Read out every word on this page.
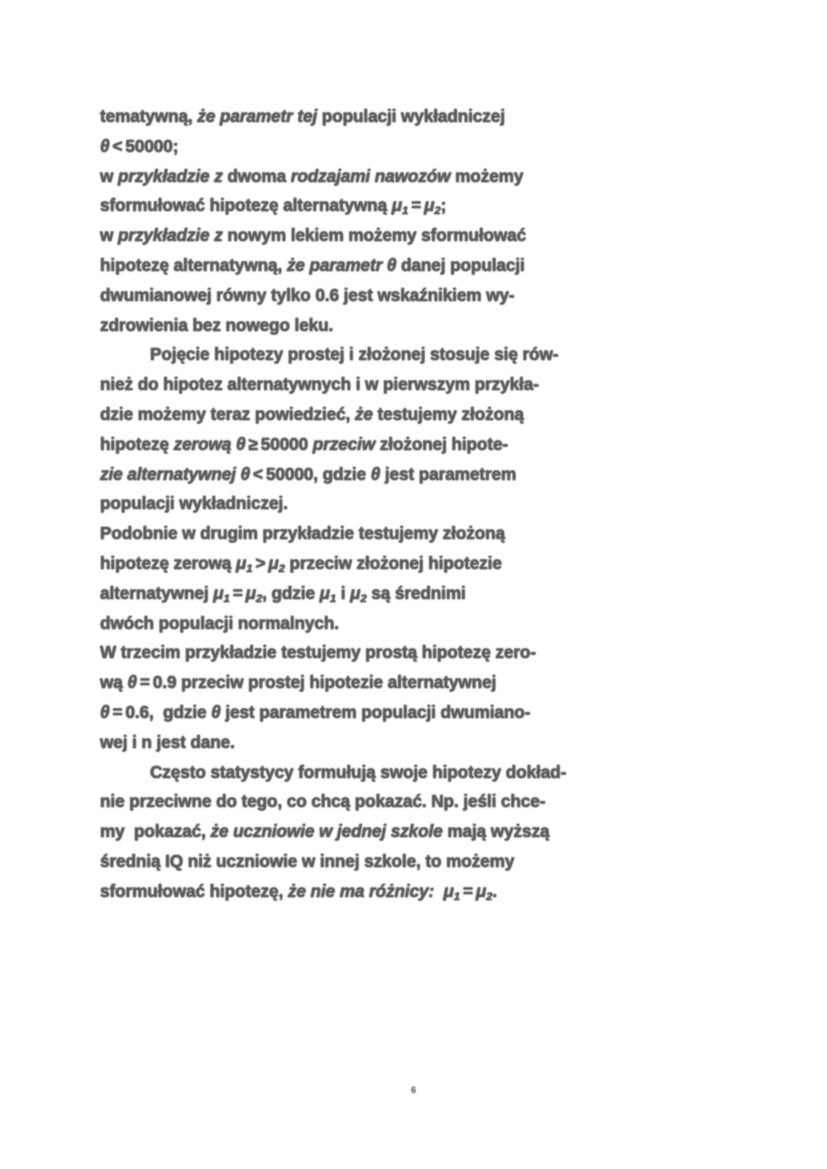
tematywną, że parametr tej populacji wykładniczej
θ < 50000;
w przykładzie z dwoma rodzajami nawozów możemy
sformułować hipotezę alternatywną $\mu_1 = \mu_2$;
w przykładzie z nowym lekiem możemy sformułować
hipotezę alternatywną, że parametr θ danej populacji
dwumianowej równy tylko 0.6 jest wskaźnikiem wy-
zdrowienia bez nowego leku.
Pojęcie hipotezy prostej i złożonej stosuje się rów-
nież do hipotez alternatywnych i w pierwszym przykła-
dzie możemy teraz powiedzieć, że testujemy złożoną
hipotezę zerową θ ≥ 50000 przeciw złożonej hipote-
zie alternatywnej θ < 50000, gdzie θ jest parametrem
populacji wykładniczej.
Podobnie w drugim przykładzie testujemy złożoną
hipotezę zerową $\mu_1 > \mu_2$ przeciw złożonej hipotezie
alternatywnej $\mu_1 = \mu_2$, gdzie $\mu_1$ i $\mu_2$ są średnimi
dwóch populacji normalnych.
W trzecim przykładzie testujemy prostą hipotezę zero-
wą θ = 0.9 przeciw prostej hipotezie alternatywnej
θ = 0.6,  gdzie θ jest parametrem populacji dwumiano-
wej i n jest dane.
Często statystycy formułują swoje hipotezy dokład-
nie przeciwne do tego, co chcą pokazać. Np. jeśli chce-
my  pokazać, że uczniowie w jednej szkole mają wyższą
średnią IQ niż uczniowie w innej szkole, to możemy
sformułować hipotezę, że nie ma różnicy: $\mu_1 = \mu_2$.
6
